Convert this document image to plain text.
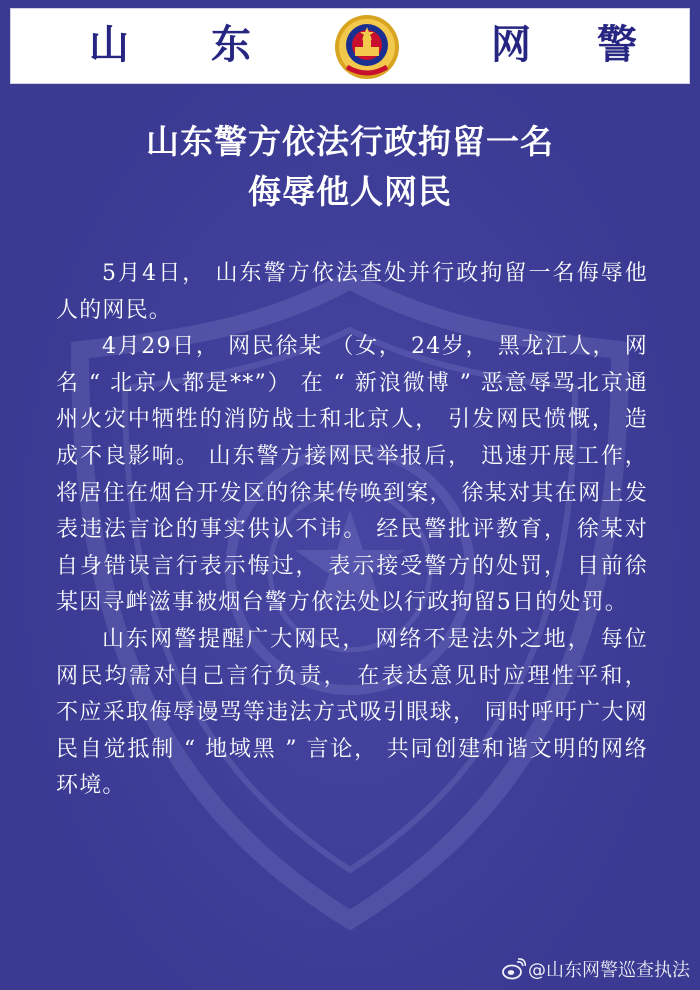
山 东	网 警
山东警方依法行政拘留一名
侮辱他人网民

5月4日， 山东警方依法查处并行政拘留一名侮辱他人的网民。

4月29日， 网民徐某 （女， 24岁， 黑龙江人， 网名 “ 北京人都是**”） 在 “ 新浪微博 ” 恶意辱骂北京通州火灾中牺牲的消防战士和北京人， 引发网民愤慨， 造成不良影响。 山东警方接网民举报后， 迅速开展工作， 将居住在烟台开发区的徐某传唤到案， 徐某对其在网上发表违法言论的事实供认不讳。 经民警批评教育， 徐某对自身错误言行表示悔过， 表示接受警方的处罚， 目前徐某因寻衅滋事被烟台警方依法处以行政拘留5日的处罚。

山东网警提醒广大网民， 网络不是法外之地， 每位网民均需对自己言行负责， 在表达意见时应理性平和， 不应采取侮辱谩骂等违法方式吸引眼球， 同时呼吁广大网民自觉抵制 “ 地域黑 ” 言论， 共同创建和谐文明的网络环境。

@山东网警巡查执法
